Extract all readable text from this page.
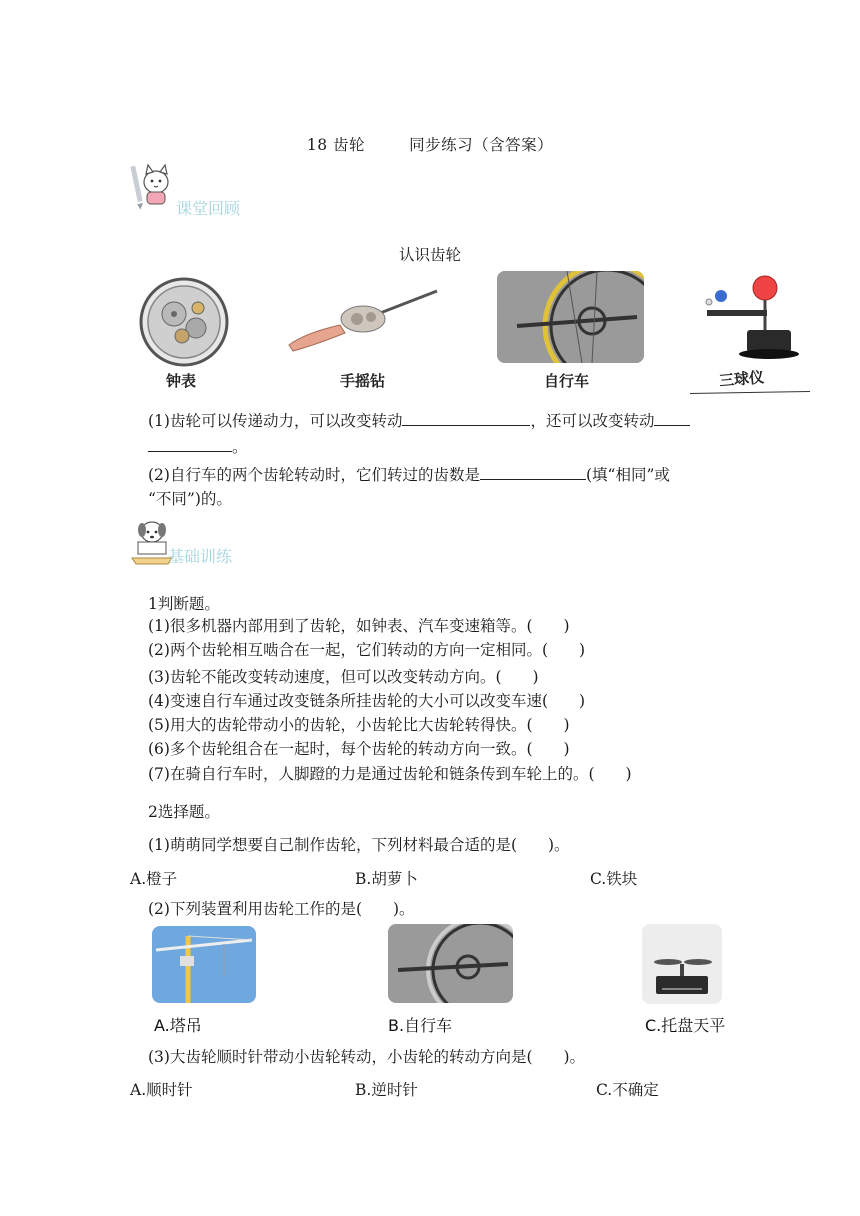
18 齿轮	同步练习（含答案）
课堂回顾
认识齿轮
钟表	手摇钻	自行车	三球仪
(1)齿轮可以传递动力，可以改变转动	，还可以改变转动
。
(2)自行车的两个齿轮转动时，它们转过的齿数是	(填“相同”或
“不同”)的。
基础训练
1判断题。
(1)很多机器内部用到了齿轮，如钟表、汽车变速箱等。(　　)
(2)两个齿轮相互啮合在一起，它们转动的方向一定相同。(　　)
(3)齿轮不能改变转动速度，但可以改变转动方向。(　　)
(4)变速自行车通过改变链条所挂齿轮的大小可以改变车速(　　)
(5)用大的齿轮带动小的齿轮，小齿轮比大齿轮转得快。(　　)
(6)多个齿轮组合在一起时，每个齿轮的转动方向一致。(　　)
(7)在骑自行车时，人脚蹬的力是通过齿轮和链条传到车轮上的。(　　)
2选择题。
(1)萌萌同学想要自己制作齿轮，下列材料最合适的是(　　)。
A.橙子	B.胡萝卜	C.铁块
(2)下列装置利用齿轮工作的是(　　)。
A.塔吊	B.自行车	C.托盘天平
(3)大齿轮顺时针带动小齿轮转动，小齿轮的转动方向是(　　)。
A.顺时针	B.逆时针	C.不确定
